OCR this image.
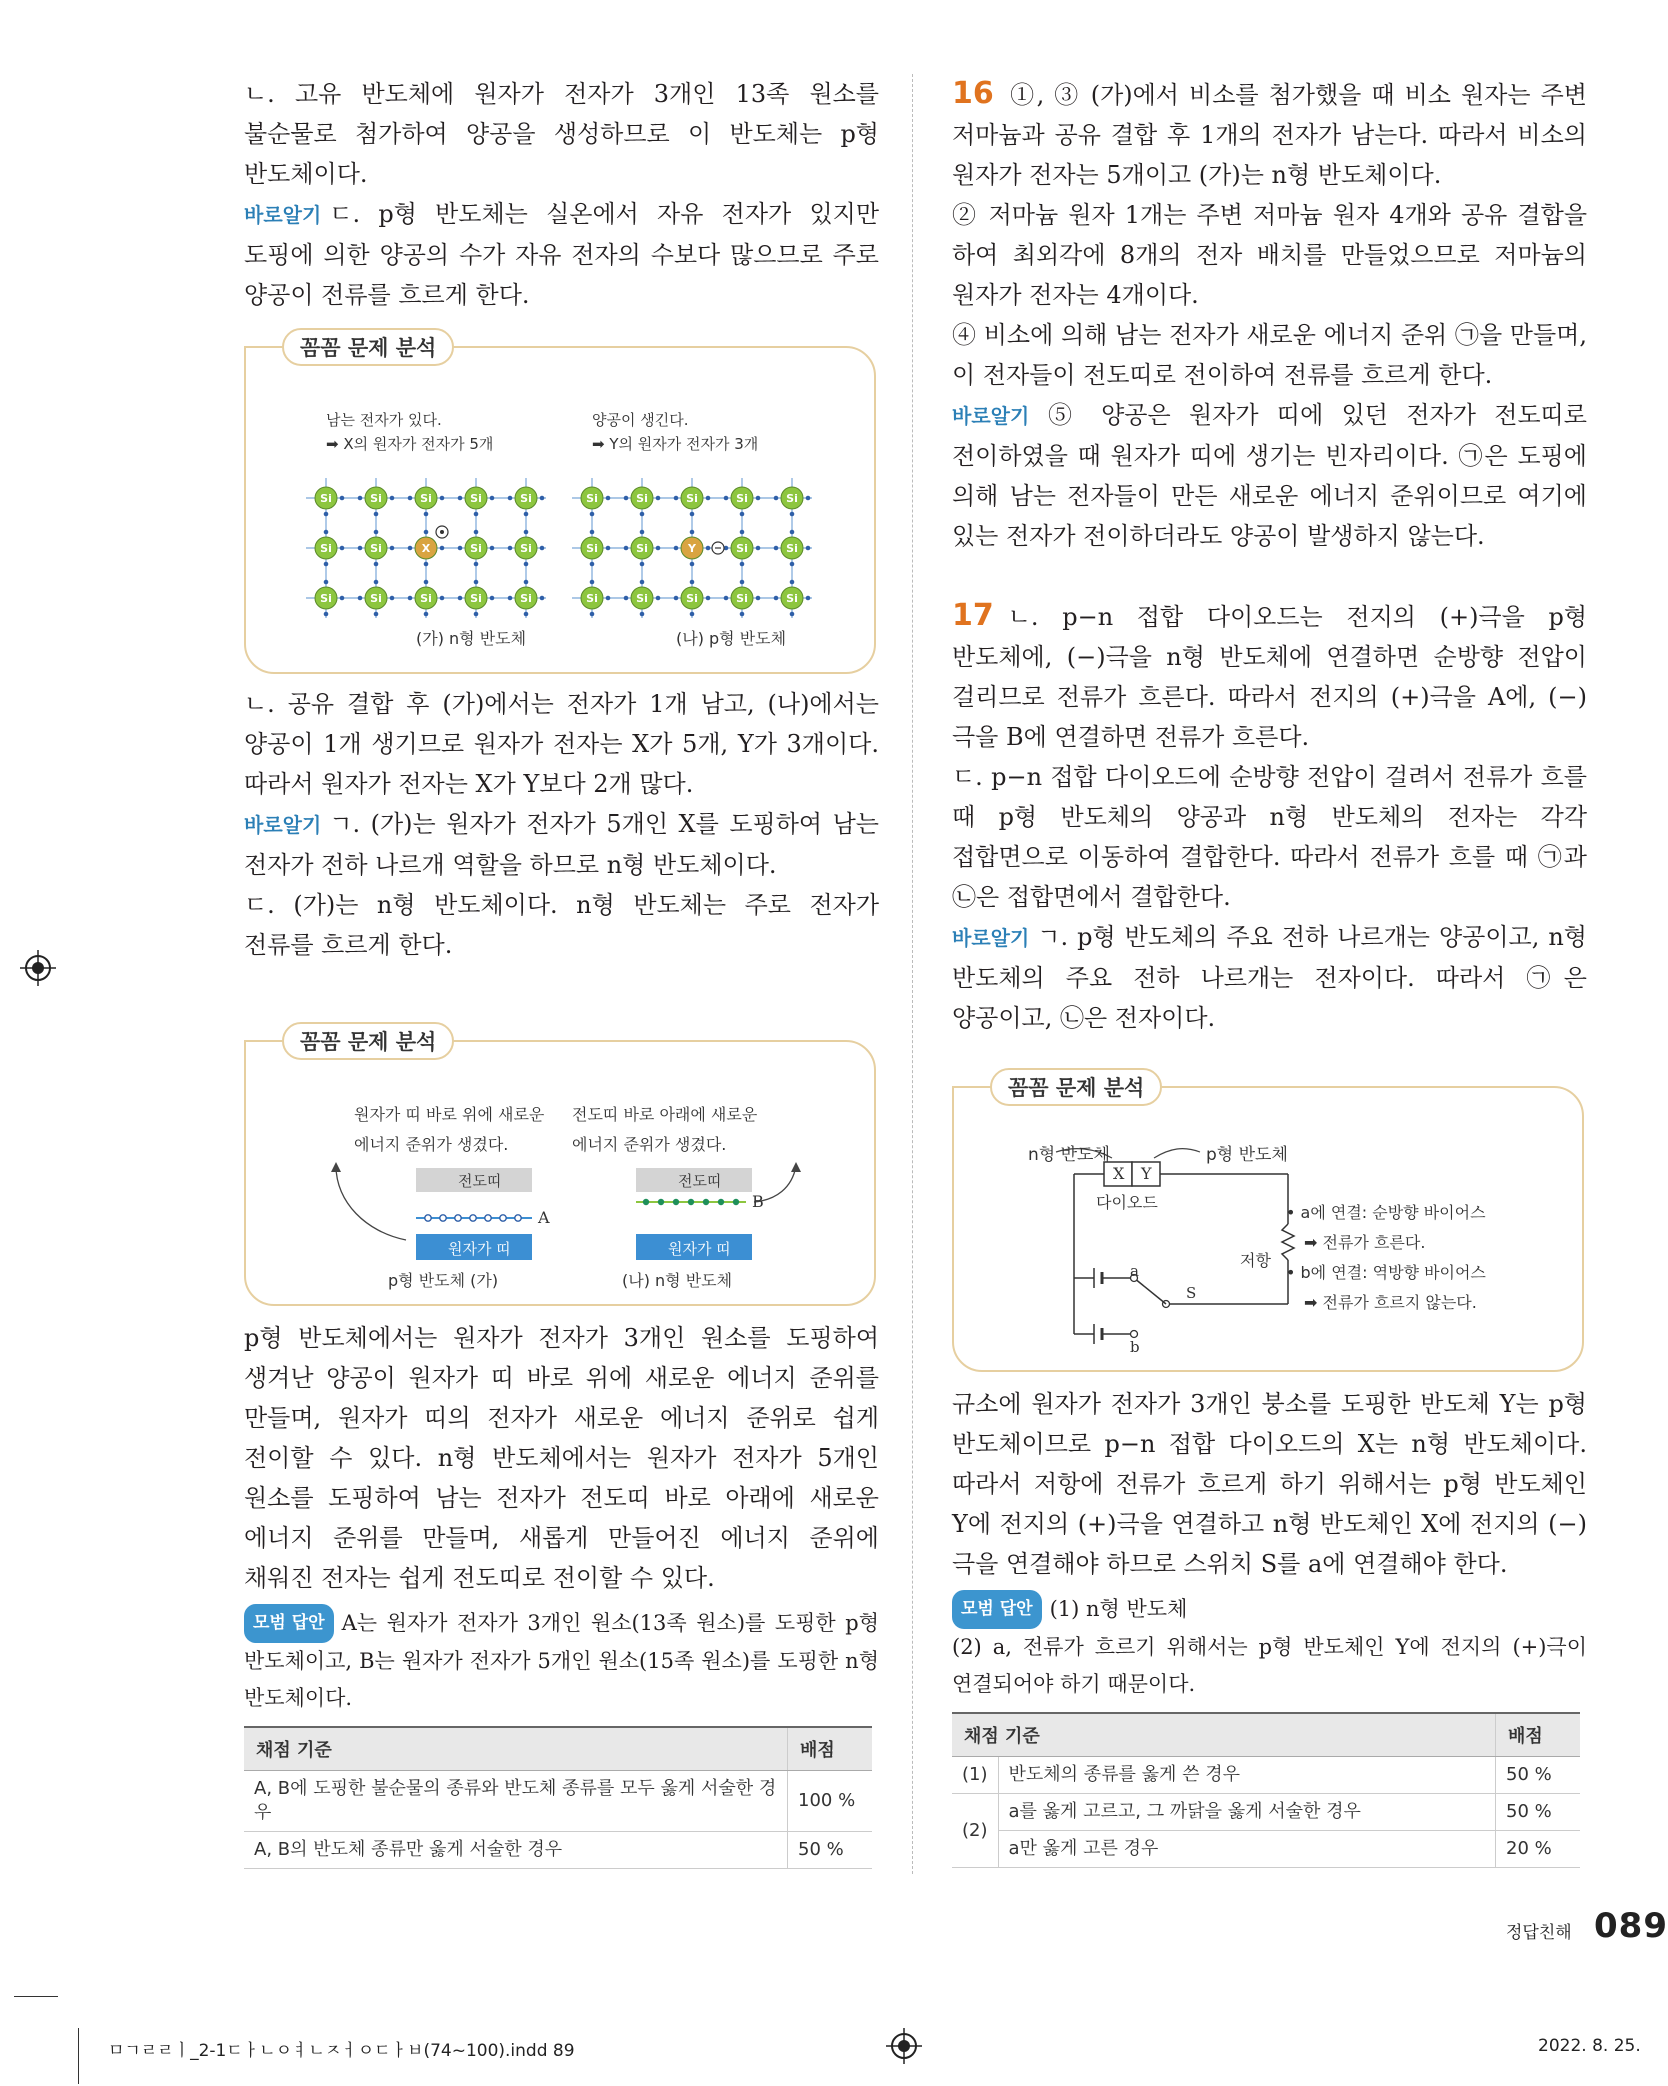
ㄴ. 고유 반도체에 원자가 전자가 3개인 13족 원소를 불순물로 첨가하여 양공을 생성하므로 이 반도체는 p형 반도체이다.

바로알기 ㄷ. p형 반도체는 실온에서 자유 전자가 있지만 도핑에 의한 양공의 수가 자유 전자의 수보다 많으므로 주로 양공이 전류를 흐르게 한다.

꼼꼼 문제 분석
남는 전자가 있다.
➡ X의 원자가 전자가 5개
양공이 생긴다.
➡ Y의 원자가 전자가 3개
Si	Si	Si	Si	Si
Si	Si	X	Si	Si
Si	Si	Si	Si	Si
Si	Si	Si	Si	Si
Si	Si	Y	Si	Si
Si	Si	Si	Si	Si
(가) n형 반도체	(나) p형 반도체

ㄴ. 공유 결합 후 (가)에서는 전자가 1개 남고, (나)에서는 양공이 1개 생기므로 원자가 전자는 X가 5개, Y가 3개이다. 따라서 원자가 전자는 X가 Y보다 2개 많다.

바로알기 ㄱ. (가)는 원자가 전자가 5개인 X를 도핑하여 남는 전자가 전하 나르개 역할을 하므로 n형 반도체이다.

ㄷ. (가)는 n형 반도체이다. n형 반도체는 주로 전자가 전류를 흐르게 한다.

꼼꼼 문제 분석
원자가 띠 바로 위에 새로운
에너지 준위가 생겼다.
전도띠 바로 아래에 새로운
에너지 준위가 생겼다.
전도띠
원자가 띠
전도띠
원자가 띠
A
B
p형 반도체 (가)	(나) n형 반도체

p형 반도체에서는 원자가 전자가 3개인 원소를 도핑하여 생겨난 양공이 원자가 띠 바로 위에 새로운 에너지 준위를 만들며, 원자가 띠의 전자가 새로운 에너지 준위로 쉽게 전이할 수 있다. n형 반도체에서는 원자가 전자가 5개인 원소를 도핑하여 남는 전자가 전도띠 바로 아래에 새로운 에너지 준위를 만들며, 새롭게 만들어진 에너지 준위에 채워진 전자는 쉽게 전도띠로 전이할 수 있다.

모범 답안 A는 원자가 전자가 3개인 원소(13족 원소)를 도핑한 p형 반도체이고, B는 원자가 전자가 5개인 원소(15족 원소)를 도핑한 n형 반도체이다.

채점 기준	배점
A, B에 도핑한 불순물의 종류와 반도체 종류를 모두 옳게 서술한 경우	100 %
A, B의 반도체 종류만 옳게 서술한 경우	50 %

16 ①, ③ (가)에서 비소를 첨가했을 때 비소 원자는 주변 저마늄과 공유 결합 후 1개의 전자가 남는다. 따라서 비소의 원자가 전자는 5개이고 (가)는 n형 반도체이다.

② 저마늄 원자 1개는 주변 저마늄 원자 4개와 공유 결합을 하여 최외각에 8개의 전자 배치를 만들었으므로 저마늄의 원자가 전자는 4개이다.

④ 비소에 의해 남는 전자가 새로운 에너지 준위 ㉠을 만들며, 이 전자들이 전도띠로 전이하여 전류를 흐르게 한다.

바로알기 ⑤ 양공은 원자가 띠에 있던 전자가 전도띠로 전이하였을 때 원자가 띠에 생기는 빈자리이다. ㉠은 도핑에 의해 남는 전자들이 만든 새로운 에너지 준위이므로 여기에 있는 전자가 전이하더라도 양공이 발생하지 않는다.

17 ㄴ. p−n 접합 다이오드는 전지의 (+)극을 p형 반도체에, (−)극을 n형 반도체에 연결하면 순방향 전압이 걸리므로 전류가 흐른다. 따라서 전지의 (+)극을 A에, (−)극을 B에 연결하면 전류가 흐른다.

ㄷ. p−n 접합 다이오드에 순방향 전압이 걸려서 전류가 흐를 때 p형 반도체의 양공과 n형 반도체의 전자는 각각 접합면으로 이동하여 결합한다. 따라서 전류가 흐를 때 ㉠과 ㉡은 접합면에서 결합한다.

바로알기 ㄱ. p형 반도체의 주요 전하 나르개는 양공이고, n형 반도체의 주요 전하 나르개는 전자이다. 따라서 ㉠은 양공이고, ㉡은 전자이다.

꼼꼼 문제 분석
n형 반도체	p형 반도체
X Y
다이오드
저항
a
b
S
• a에 연결: 순방향 바이어스
➡ 전류가 흐른다.
• b에 연결: 역방향 바이어스
➡ 전류가 흐르지 않는다.

규소에 원자가 전자가 3개인 붕소를 도핑한 반도체 Y는 p형 반도체이므로 p−n 접합 다이오드의 X는 n형 반도체이다. 따라서 저항에 전류가 흐르게 하기 위해서는 p형 반도체인 Y에 전지의 (+)극을 연결하고 n형 반도체인 X에 전지의 (−)극을 연결해야 하므로 스위치 S를 a에 연결해야 한다.

모범 답안 (1) n형 반도체

(2) a, 전류가 흐르기 위해서는 p형 반도체인 Y에 전지의 (+)극이 연결되어야 하기 때문이다.

채점 기준		배점
(1)	반도체의 종류를 옳게 쓴 경우	50 %
(2)	a를 옳게 고르고, 그 까닭을 옳게 서술한 경우	50 %
	a만 옳게 고른 경우	20 %
정답친해 089
ㅁㄱㄹㄹㅣ_2-1ㄷㅏㄴㅇㅕㄴㅈㅓㅇㄷㅏㅂ(74~100).indd 89	2022. 8. 25.
